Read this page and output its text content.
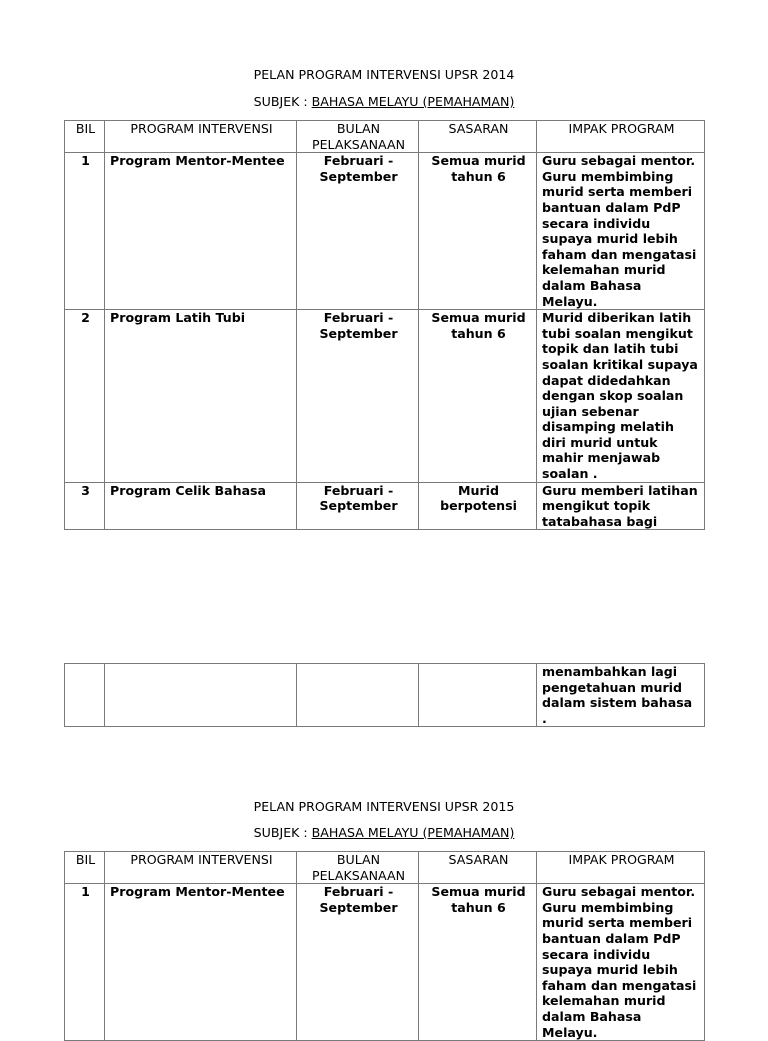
PELAN PROGRAM INTERVENSI UPSR 2014
SUBJEK : BAHASA MELAYU (PEMAHAMAN)
BIL	PROGRAM INTERVENSI	BULAN PELAKSANAAN	SASARAN	IMPAK PROGRAM
1	Program Mentor-Mentee	Februari - September	Semua murid tahun 6	Guru sebagai mentor. Guru membimbing murid serta memberi bantuan dalam PdP secara individu supaya murid lebih faham dan mengatasi kelemahan murid dalam Bahasa Melayu.
2	Program Latih Tubi	Februari - September	Semua murid tahun 6	Murid diberikan latih tubi soalan mengikut topik dan latih tubi soalan kritikal supaya dapat didedahkan dengan skop soalan ujian sebenar disamping melatih diri murid untuk mahir menjawab soalan .
3	Program Celik Bahasa	Februari - September	Murid berpotensi	Guru memberi latihan mengikut topik tatabahasa bagi
				menambahkan lagi pengetahuan murid dalam sistem bahasa .
PELAN PROGRAM INTERVENSI UPSR 2015
SUBJEK : BAHASA MELAYU (PEMAHAMAN)
BIL	PROGRAM INTERVENSI	BULAN PELAKSANAAN	SASARAN	IMPAK PROGRAM
1	Program Mentor-Mentee	Februari - September	Semua murid tahun 6	Guru sebagai mentor. Guru membimbing murid serta memberi bantuan dalam PdP secara individu supaya murid lebih faham dan mengatasi kelemahan murid dalam Bahasa Melayu.
